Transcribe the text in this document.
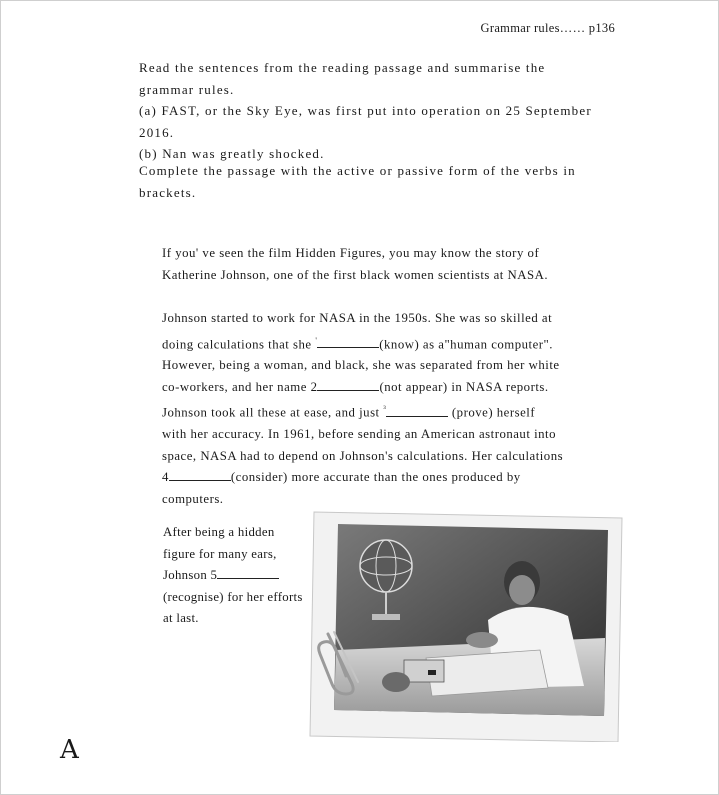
Grammar rules…… p136

Read the sentences from the reading passage and summarise the

grammar rules.

(a) FAST, or the Sky Eye, was first put into operation on 25 September 2016.

(b) Nan was greatly shocked.

Complete the passage with the active or passive form of the verbs in

brackets.

If you' ve seen the film Hidden Figures, you may know the story of

Katherine Johnson, one of the first black women scientists at NASA.

Johnson started to work for NASA in the 1950s. She was so skilled at

doing calculations that she '	(know) as a"human computer".

However, being a woman, and black, she was separated from her white

co-workers, and her name 2	(not appear) in NASA reports.

Johnson took all these at ease, and just $^{^3}$	(prove) herself

with her accuracy. In 1961, before sending an American astronaut into

space, NASA had to depend on Johnson's calculations. Her calculations

4	(consider) more accurate than the ones produced by

computers.

After being a hidden

figure for many ears,

Johnson 5

(recognise) for her efforts

at last.

A
